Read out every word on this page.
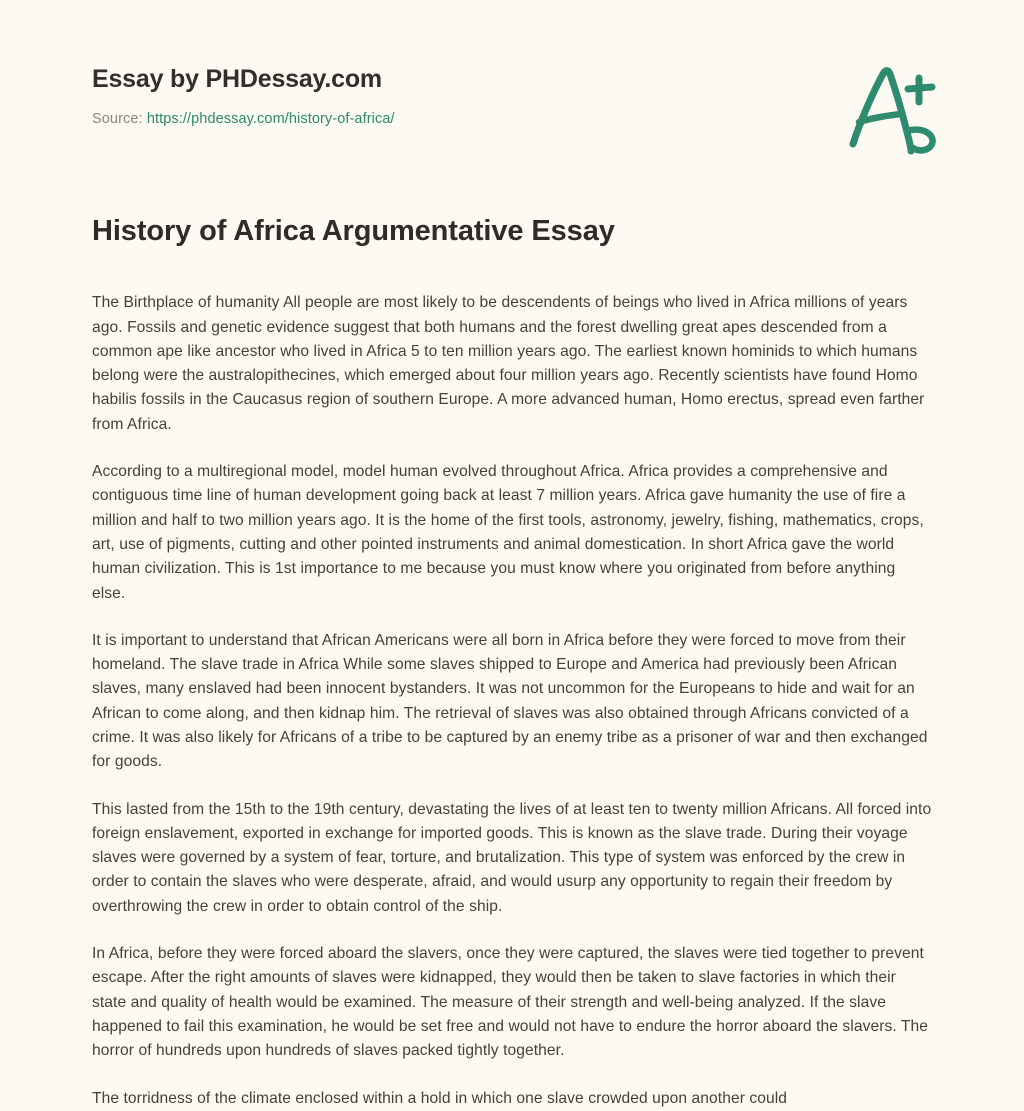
Essay by PHDessay.com
Source: https://phdessay.com/history-of-africa/
History of Africa Argumentative Essay

The Birthplace of humanity All people are most likely to be descendents of beings who lived in Africa millions of years ago. Fossils and genetic evidence suggest that both humans and the forest dwelling great apes descended from a common ape like ancestor who lived in Africa 5 to ten million years ago. The earliest known hominids to which humans belong were the australopithecines, which emerged about four million years ago. Recently scientists have found Homo habilis fossils in the Caucasus region of southern Europe. A more advanced human, Homo erectus, spread even farther from Africa.

According to a multiregional model, model human evolved throughout Africa. Africa provides a comprehensive and contiguous time line of human development going back at least 7 million years. Africa gave humanity the use of fire a million and half to two million years ago. It is the home of the first tools, astronomy, jewelry, fishing, mathematics, crops, art, use of pigments, cutting and other pointed instruments and animal domestication. In short Africa gave the world human civilization. This is 1st importance to me because you must know where you originated from before anything else.

It is important to understand that African Americans were all born in Africa before they were forced to move from their homeland. The slave trade in Africa While some slaves shipped to Europe and America had previously been African slaves, many enslaved had been innocent bystanders. It was not uncommon for the Europeans to hide and wait for an African to come along, and then kidnap him. The retrieval of slaves was also obtained through Africans convicted of a crime. It was also likely for Africans of a tribe to be captured by an enemy tribe as a prisoner of war and then exchanged for goods.

This lasted from the 15th to the 19th century, devastating the lives of at least ten to twenty million Africans. All forced into foreign enslavement, exported in exchange for imported goods. This is known as the slave trade. During their voyage slaves were governed by a system of fear, torture, and brutalization. This type of system was enforced by the crew in order to contain the slaves who were desperate, afraid, and would usurp any opportunity to regain their freedom by overthrowing the crew in order to obtain control of the ship.

In Africa, before they were forced aboard the slavers, once they were captured, the slaves were tied together to prevent escape. After the right amounts of slaves were kidnapped, they would then be taken to slave factories in which their state and quality of health would be examined. The measure of their strength and well-being analyzed. If the slave happened to fail this examination, he would be set free and would not have to endure the horror aboard the slavers. The horror of hundreds upon hundreds of slaves packed tightly together.

The torridness of the climate enclosed within a hold in which one slave crowded upon another could
